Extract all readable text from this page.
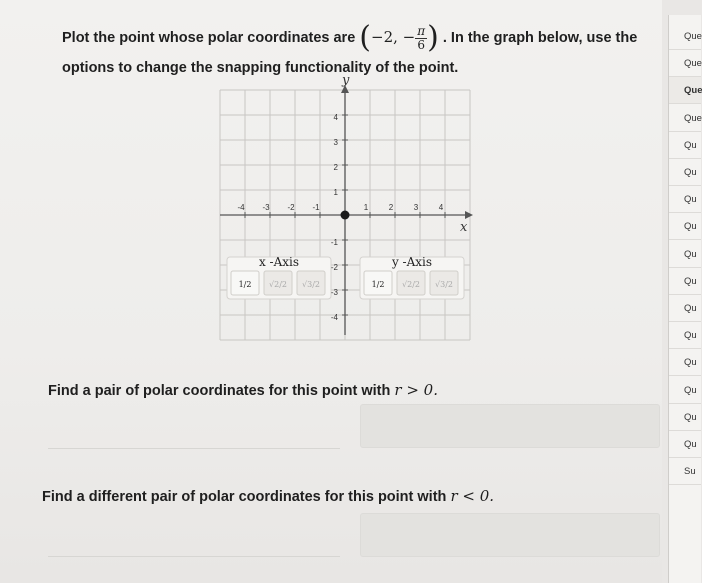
Plot the point whose polar coordinates are (−2, − $\frac{\pi}{6}$ ) . In the graph below, use the
options to change the snapping functionality of the point.
x -Axis
1/2 √2/2 √3/2
y -Axis
1/2 √2/2 √3/2
-4 -3 -2 -1	1	2	3	4
4
3
2
1
-1
-2
-3
-4
x
y
Find a pair of polar coordinates for this point with r > 0.
Find a different pair of polar coordinates for this point with r < 0.
Que
Que
Que
Que
Qu
Qu
Qu
Qu
Qu
Qu
Qu
Qu
Qu
Qu
Qu
Qu
Su
